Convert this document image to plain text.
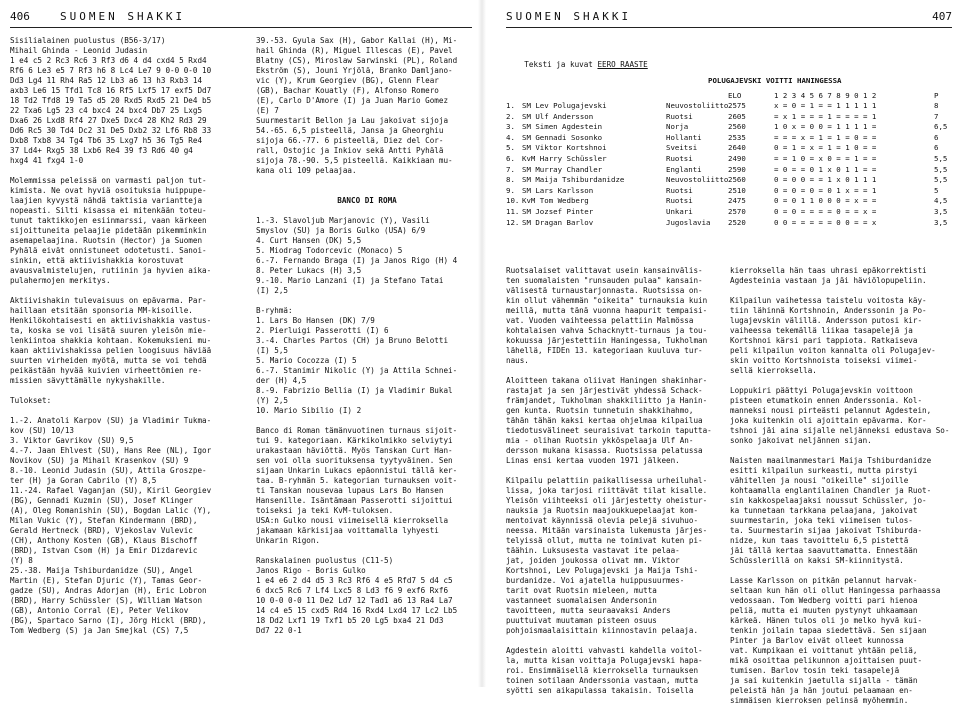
406	SUOMEN SHAKKI
Sisilialainen puolustus (B56-3/17)
Mihail Ghinda - Leonid Judasin
1 e4 c5 2 Rc3 Rc6 3 Rf3 d6 4 d4 cxd4 5 Rxd4
Rf6 6 Le3 e5 7 Rf3 h6 8 Lc4 Le7 9 0-0 0-0 10
Dd3 Lg4 11 Rh4 Ra5 12 Lb3 a6 13 h3 Rxb3 14
axb3 Le6 15 Tfd1 Tc8 16 Rf5 Lxf5 17 exf5 Dd7
18 Td2 Tfd8 19 Ta5 d5 20 Rxd5 Rxd5 21 De4 b5
22 Txa6 Lg5 23 c4 bxc4 24 bxc4 Db7 25 Lxg5
Dxa6 26 Lxd8 Rf4 27 Dxe5 Dxc4 28 Kh2 Rd3 29
Dd6 Rc5 30 Td4 Dc2 31 De5 Dxb2 32 Lf6 Rb8 33
Dxb8 Txb8 34 Tg4 Tb6 35 Lxg7 h5 36 Tg5 Re4
37 Ld4+ Rxg5 38 Lxb6 Re4 39 f3 Rd6 40 g4
hxg4 41 fxg4 1-0
Molemmissa peleissä on varmasti paljon tut-
kimista. Ne ovat hyviä osoituksia huippupe-
laajien kyvystä nähdä taktisia variantteja
nopeasti. Silti kisassa ei mitenkään toteu-
tunut taktikkojen esiinmarssi, vaan kärkeen
sijoittuneita pelaajie pidetään pikemminkin
asemapelaajina. Ruotsin (Hector) ja Suomen
Pyhälä eivät onnistuneet odotetusti. Sanoi-
sinkin, että aktiivishakkia korostuvat
avausvalmistelujen, rutiinin ja hyvien aika-
pulahermojen merkitys.
Aktiivishakin tulevaisuus on epävarma. Par-
haillaan etsitään sponsoria MM-kisoille.
Henkilökohtaisesti en aktiivishakkia vastus-
ta, koska se voi lisätä suuren yleisön mie-
lenkiintoa shakkia kohtaan. Kokemuksieni mu-
kaan aktiivishakissa pelien loogisuus häviää
suurten virheiden myötä, mutta se voi tehdä
peikästään hyvää kuivien virheettömien re-
missien sävyttämälle nykyshakille.
Tulokset:
1.-2. Anatoli Karpov (SU) ja Vladimir Tukma-
kov (SU) 10/13
3. Viktor Gavrikov (SU) 9,5
4.-7. Jaan Ehlvest (SU), Hans Ree (NL), Igor
Novikov (SU) ja Mihail Krasenkov (SU) 9
8.-10. Leonid Judasin (SU), Attila Groszpe-
ter (H) ja Goran Cabrilo (Y) 8,5
11.-24. Rafael Vaganjan (SU), Kiril Georgiev
(BG), Gennadi Kuzmin (SU), Josef Klinger
(A), Oleg Romanishin (SU), Bogdan Lalic (Y),
Milan Vukic (Y), Stefan Kindermann (BRD),
Gerald Hertneck (BRD), Vjekoslav Vulevic
(CH), Anthony Kosten (GB), Klaus Bischoff
(BRD), Istvan Csom (H) ja Emir Dizdarevic
(Y) 8
25.-38. Maija Tshiburdanidze (SU), Angel
Martin (E), Stefan Djuric (Y), Tamas Geor-
gadze (SU), Andras Adorjan (H), Eric Lobron
(BRD), Harry Schüssler (S), William Watson
(GB), Antonio Corral (E), Peter Velikov
(BG), Spartaco Sarno (I), Jörg Hickl (BRD),
Tom Wedberg (S) ja Jan Smejkal (CS) 7,5
39.-53. Gyula Sax (H), Gabor Kallai (H), Mi-
hail Ghinda (R), Miguel Illescas (E), Pavel
Blatny (CS), Miroslaw Sarwinski (PL), Roland
Ekström (S), Jouni Yrjölä, Branko Damljano-
vic (Y), Krum Georgiev (BG), Glenn Flear
(GB), Bachar Kouatly (F), Alfonso Romero
(E), Carlo D'Amore (I) ja Juan Mario Gomez
(E) 7
Suurmestarit Bellon ja Lau jakoivat sijoja
54.-65. 6,5 pisteellä, Jansa ja Gheorghiu
sijoja 66.-77. 6 pisteellä, Diez del Cor-
rall, Ostojic ja Inkiov sekä Antti Pyhälä
sijoja 78.-90. 5,5 pisteellä. Kaikkiaan mu-
kana oli 109 pelaajaa.
BANCO DI ROMA
1.-3. Slavoljub Marjanovic (Y), Vasili
Smyslov (SU) ja Boris Gulko (USA) 6/9
4. Curt Hansen (DK) 5,5
5. Miodrag Todorcevic (Monaco) 5
6.-7. Fernando Braga (I) ja Janos Rigo (H) 4
8. Peter Lukacs (H) 3,5
9.-10. Mario Lanzani (I) ja Stefano Tatai
(I) 2,5
B-ryhmä:
1. Lars Bo Hansen (DK) 7/9
2. Pierluigi Passerotti (I) 6
3.-4. Charles Partos (CH) ja Bruno Belotti
(I) 5,5
5. Mario Cocozza (I) 5
6.-7. Stanimir Nikolic (Y) ja Attila Schnei-
der (H) 4,5
8.-9. Fabrizio Bellia (I) ja Vladimir Bukal
(Y) 2,5
10. Mario Sibilio (I) 2
Banco di Roman tämänvuotinen turnaus sijoit-
tui 9. kategoriaan. Kärkikolmikko selviytyi
urakastaan häviöttä. Myös Tanskan Curt Han-
sen voi olla suorituksensa tyytyväinen. Sen
sijaan Unkarin Lukacs epäonnistui tällä ker-
taa. B-ryhmän 5. kategorian turnauksen voit-
ti Tanskan nousevaa lupaus Lars Bo Hansen
Hansenille. Isäntämaan Passerotti sijoittui
toiseksi ja teki KvM-tuloksen.
USA:n Gulko nousi viimeisellä kierroksella
jakamaan kärkisijaa voittamalla lyhyesti
Unkarin Rigon.
Ranskalainen puolustus (C11-5)
Janos Rigo - Boris Gulko
1 e4 e6 2 d4 d5 3 Rc3 Rf6 4 e5 Rfd7 5 d4 c5
6 dxc5 Rc6 7 Lf4 Lxc5 8 Ld3 f6 9 exf6 Rxf6
10 0-0 0-0 11 De2 Ld7 12 Tad1 a6 13 Ra4 La7
14 c4 e5 15 cxd5 Rd4 16 Rxd4 Lxd4 17 Lc2 Lb5
18 Dd2 Lxf1 19 Txf1 b5 20 Lg5 bxa4 21 Dd3
Dd7 22 0-1
SUOMEN SHAKKI	407

Teksti ja kuvat EERO RAASTE

POLUGAJEVSKI VOITTI HANINGESSA
ELO	1 2 3 4 5 6 7 8 9 0 1 2	P
1. SM Lev Polugajevski	Neuvostoliitto 2575	x = 0 = 1 = = 1 1 1 1 1	8
2. SM Ulf Andersson	Ruotsi	2605	= x 1 = = = 1 = = = = 1	7
3. SM Simen Agdestein	Norja	2560	1 0 x = 0 0 = 1 1 1 1 =	6,5
4. SM Gennadi Sosonko	Hollanti	2535	= = = x = 1 = 1 = 0 = =	6
5. SM Viktor Kortshnoi	Sveitsi	2640	0 = 1 = x = 1 = 1 0 = =	6
6. KvM Harry Schüssler	Ruotsi	2490	= = 1 0 = x 0 = = 1 = =	5,5
7. SM Murray Chandler	Englanti	2590	= 0 = = 0 1 x 0 1 1 = =	5,5
8. SM Maija Tshiburdanidze	Neuvostoliitto 2560	0 = 0 0 = = 1 x 0 1 1 1	5,5
9. SM Lars Karlsson	Ruotsi	2510	0 = 0 = 0 = 0 1 x = = 1	5
10. KvM Tom Wedberg	Ruotsi	2475	0 = 0 1 1 0 0 0 = x = =	4,5
11. SM Jozsef Pinter	Unkari	2570	0 = 0 = = = = 0 = = x =	3,5
12. SM Dragan Barlov	Jugoslavia 2520	0 0 = = = = = 0 0 = = x	3,5
Ruotsalaiset valittavat usein kansainvälis-
ten suomalaisten "runsauden pulaa" kansain-
välisestä turnaustarjonnasta. Ruotsissa on-
kin ollut vähemmän "oikeita" turnauksia kuin
meillä, mutta tänä vuonna haapurit tempaisi-
vat. Vuoden vaihteessa pelattiin Malmössa
kohtalaisen vahva Schacknytt-turnaus ja tou-
kokuussa järjestettiin Haningessa, Tukholman
lähellä, FIDEn 13. kategoriaan kuuluva tur-
naus.
Aloitteen takana oliivat Haningen shakinhar-
rastajat ja sen järjestivät yhdessä Schack-
främjandet, Tukholman shakkiliitto ja Hanin-
gen kunta. Ruotsin tunnetuin shakkihahmo,
tähän tähän kaksi kertaa ohjelmaa kilpailua
tiedotusvälineet seuraisivat tarkoin taputta-
mia - olihan Ruotsin ykköspelaaja Ulf An-
dersson mukana kisassa. Ruotsissa pelatussa
Linas ensi kertaa vuoden 1971 jälkeen.
Kilpailu pelattiin paikallisessa urheiluhal-
lissa, joka tarjosi riittävät tilat kisalle.
Yleisön viihteeksi oli järjestetty oheistur-
nauksia ja Ruotsin maajoukkuepelaajat kom-
mentoivat käynnissä olevia pelejä sivuhuo-
neessa. Mitään varsinaista lukemusta järjes-
telyissä ollut, mutta ne toimivat kuten pi-
täähin. Luksusesta vastavat ite pelaa-
jat, joiden joukossa olivat mm. Viktor
Kortshnoi, Lev Polugajevski ja Maija Tshi-
burdanidze. Voi ajatella huippusuurmes-
tarit ovat Ruotsin mieleen, mutta
vastanneet suomalaisen Andersonin
tavoitteen, mutta seuraavaksi Anders
puuttuivat muutaman pisteen osuus
pohjoismaalaisittain kiinnostavin pelaaja.
Agdestein aloitti vahvasti kahdella voitol-
la, mutta kisan voittaja Polugajevski hapa-
roi. Ensimmäisellä kierroksella turnauksen
toinen sotilaan Anderssonia vastaan, mutta
syötti sen aikapulassa takaisin. Toisella
kierroksella hän taas uhrasi epäkorrektisti
Agdesteinia vastaan ja jäi häviölopupeliin.
Kilpailun vaihetessa taistelu voitosta käy-
tiin lähinnä Kortshnoin, Anderssonin ja Po-
lugajevskin välillä. Andersson putosi kir-
vaiheessa tekemällä liikaa tasapelejä ja
Kortshnoi kärsi pari tappiota. Ratkaiseva
peli kilpailun voiton kannalta oli Polugajev-
skin voitto Kortshnoista toiseksi viimei-
sellä kierroksella.
Loppukiri päättyi Polugajevskin voittoon
pisteen etumatkoin ennen Anderssonia. Kol-
manneksi nousi pirteästi pelannut Agdestein,
joka kuitenkin oli ajoittain epävarma. Kor-
tshnoi jäi aina sijalle neljänneksi edustava So-
sonko jakoivat neljännen sijan.
Naisten maailmanmestari Maija Tshiburdanidze
esitti kilpailun surkeasti, mutta pirstyi
vähitellen ja nousi "oikeille" sijoille
kohtaamalla englantilainen Chandler ja Ruot-
sin kakkospelaajaksi noussut Schüssler, jo-
ka tunnetaan tarkkana pelaajana, jakoivat
suurmestarin, joka teki viimeisen tulos-
ta. Suurmestarin sijaa jakoivat Tshiburda-
nidze, kun taas tavoittelu 6,5 pistettä
jäi tällä kertaa saavuttamatta. Ennestään
Schüsslerillä on kaksi SM-kiinnitystä.
Lasse Karlsson on pitkän pelannut harvak-
seltaan kun hän oli ollut Haningessa parhaassa
vedossaan. Tom Wedberg voitti pari hienoa
peliä, mutta ei muuten pystynyt uhkaamaan
kärkeä. Hänen tulos oli jo melko hyvä kui-
tenkin joilain tapaa siedettävä. Sen sijaan
Pinter ja Barlov eivät olleet kunnossa
vat. Kumpikaan ei voittanut yhtään peliä,
mikä osoittaa pelikunnon ajoittaisen puut-
tumisen. Barlov tosin teki tasapelejä
ja sai kuitenkin jaetulla sijalla - tämän
peleistä hän ja hän joutui pelaamaan en-
simmäisen kierroksen pelinsä myöhemmin.
